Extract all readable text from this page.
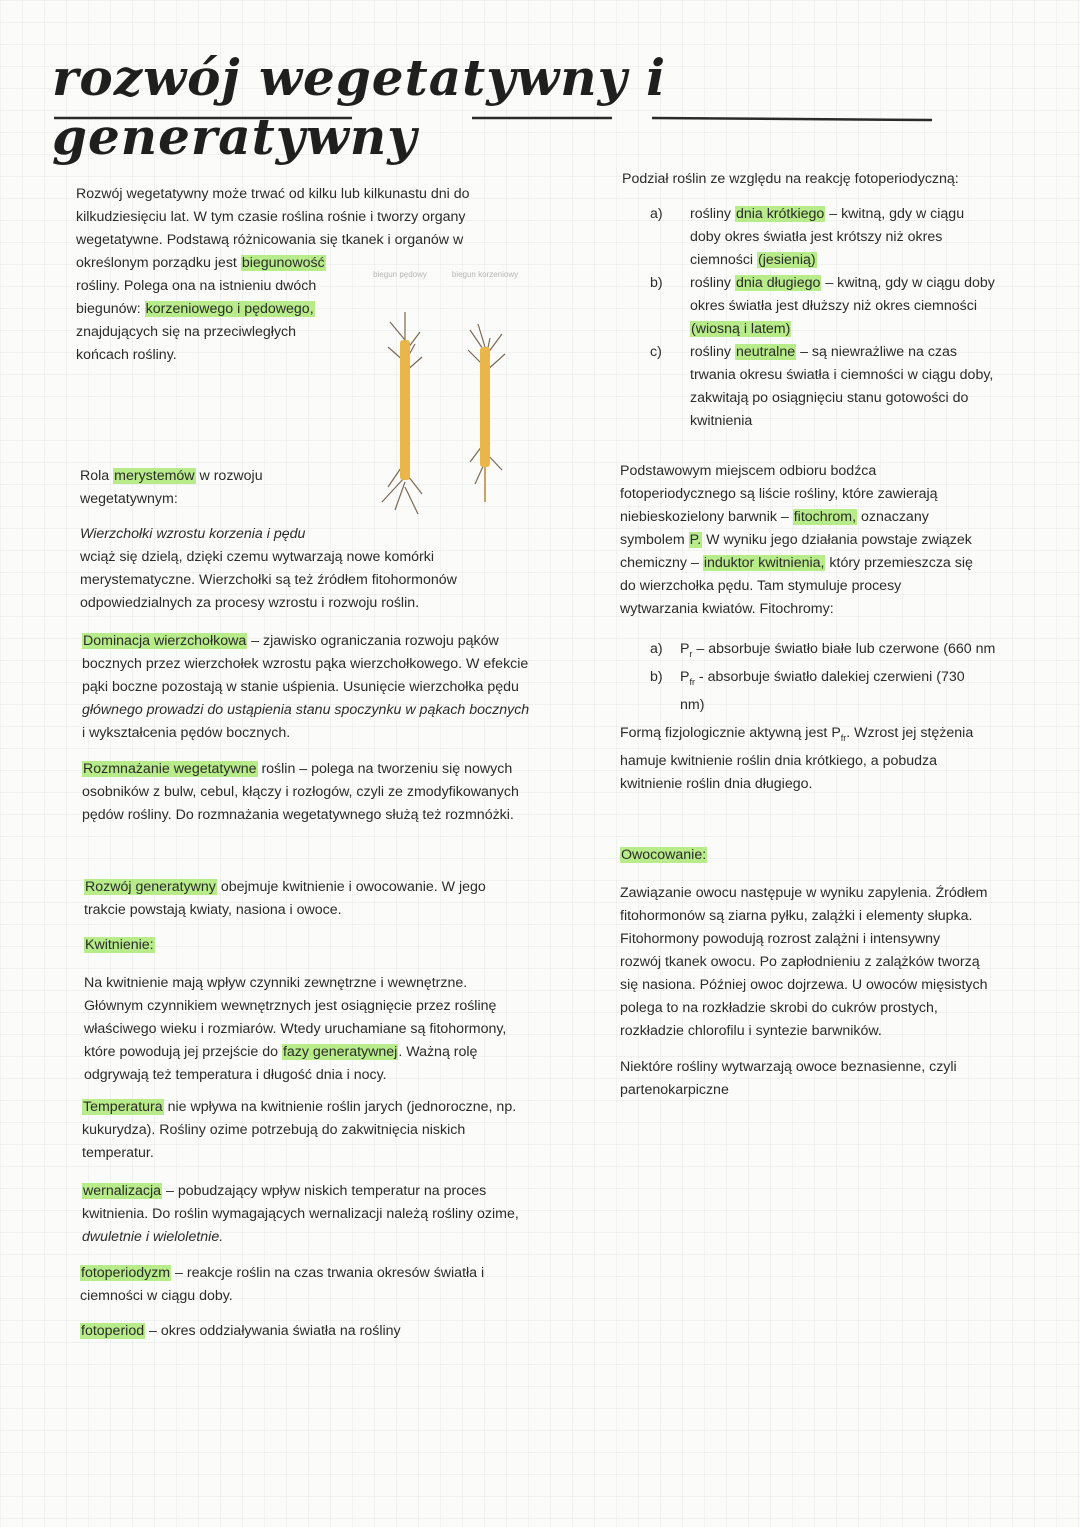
rozwój wegetatywny i generatywny

Rozwój wegetatywny może trwać od kilku lub kilkunastu dni do

kilkudziesięciu lat. W tym czasie roślina rośnie i tworzy organy

wegetatywne. Podstawą różnicowania się tkanek i organów w

określonym porządku jest biegunowość

rośliny. Polega ona na istnieniu dwóch

biegunów: korzeniowego i pędowego,

znajdujących się na przeciwległych

końcach rośliny.

biegun pędowy	biegun korzeniowy

Rola merystemów w rozwoju

wegetatywnym:

Wierzchołki wzrostu korzenia i pędu

wciąż się dzielą, dzięki czemu wytwarzają nowe komórki

merystematyczne. Wierzchołki są też źródłem fitohormonów

odpowiedzialnych za procesy wzrostu i rozwoju roślin.

Dominacja wierzchołkowa – zjawisko ograniczania rozwoju pąków

bocznych przez wierzchołek wzrostu pąka wierzchołkowego. W efekcie

pąki boczne pozostają w stanie uśpienia. Usunięcie wierzchołka pędu

głównego prowadzi do ustąpienia stanu spoczynku w pąkach bocznych

i wykształcenia pędów bocznych.

Rozmnażanie wegetatywne roślin – polega na tworzeniu się nowych

osobników z bulw, cebul, kłączy i rozłogów, czyli ze zmodyfikowanych

pędów rośliny. Do rozmnażania wegetatywnego służą też rozmnóżki.

Rozwój generatywny obejmuje kwitnienie i owocowanie. W jego

trakcie powstają kwiaty, nasiona i owoce.

Kwitnienie:

Na kwitnienie mają wpływ czynniki zewnętrzne i wewnętrzne.

Głównym czynnikiem wewnętrznych jest osiągnięcie przez roślinę

właściwego wieku i rozmiarów. Wtedy uruchamiane są fitohormony,

które powodują jej przejście do fazy generatywnej. Ważną rolę

odgrywają też temperatura i długość dnia i nocy.

Temperatura nie wpływa na kwitnienie roślin jarych (jednoroczne, np.

kukurydza). Rośliny ozime potrzebują do zakwitnięcia niskich

temperatur.

wernalizacja – pobudzający wpływ niskich temperatur na proces

kwitnienia. Do roślin wymagających wernalizacji należą rośliny ozime,

dwuletnie i wieloletnie.

fotoperiodyzm – reakcje roślin na czas trwania okresów światła i

ciemności w ciągu doby.

fotoperiod – okres oddziaływania światła na rośliny

Podział roślin ze względu na reakcję fotoperiodyczną:

a) rośliny dnia krótkiego – kwitną, gdy w ciągu

doby okres światła jest krótszy niż okres

ciemności (jesienią)

b) rośliny dnia długiego – kwitną, gdy w ciągu doby

okres światła jest dłuższy niż okres ciemności

(wiosną i latem)

c) rośliny neutralne – są niewrażliwe na czas

trwania okresu światła i ciemności w ciągu doby,

zakwitają po osiągnięciu stanu gotowości do

kwitnienia

Podstawowym miejscem odbioru bodźca

fotoperiodycznego są liście rośliny, które zawierają

niebieskozielony barwnik – fitochrom, oznaczany

symbolem P. W wyniku jego działania powstaje związek

chemiczny – induktor kwitnienia, który przemieszcza się

do wierzchołka pędu. Tam stymuluje procesy

wytwarzania kwiatów. Fitochromy:

a) $P_r$ – absorbuje światło białe lub czerwone (660 nm

b) $P_{fr}$ - absorbuje światło dalekiej czerwieni (730

nm)

Formą fizjologicznie aktywną jest $P_{fr}$. Wzrost jej stężenia

hamuje kwitnienie roślin dnia krótkiego, a pobudza

kwitnienie roślin dnia długiego.

Owocowanie:

Zawiązanie owocu następuje w wyniku zapylenia. Źródłem

fitohormonów są ziarna pyłku, zalążki i elementy słupka.

Fitohormony powodują rozrost zalążni i intensywny

rozwój tkanek owocu. Po zapłodnieniu z zalążków tworzą

się nasiona. Później owoc dojrzewa. U owoców mięsistych

polega to na rozkładzie skrobi do cukrów prostych,

rozkładzie chlorofilu i syntezie barwników.

Niektóre rośliny wytwarzają owoce beznasienne, czyli

partenokarpiczne
